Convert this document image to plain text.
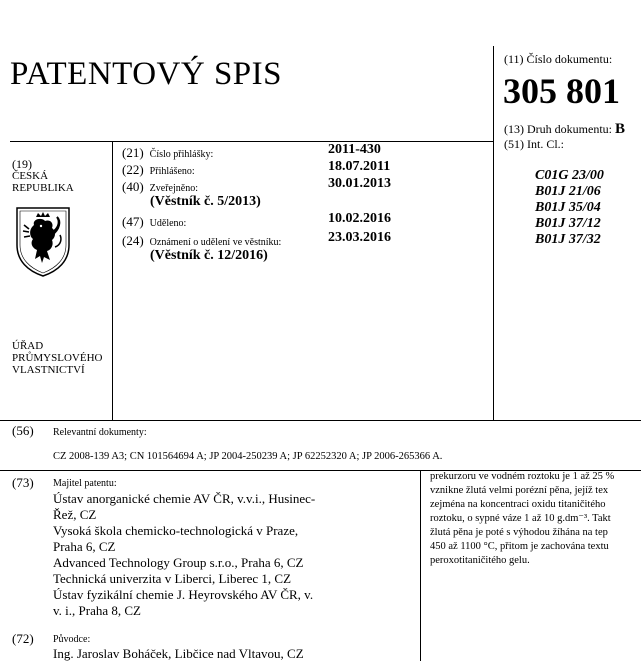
PATENTOVÝ SPIS	(11) Číslo dokumentu:
305 801
(13) Druh dokumentu: B
(19)
ČESKÁ
REPUBLIKA
ÚŘAD
PRŮMYSLOVÉHO
VLASTNICTVÍ
(21) Číslo přihlášky:	2011-430
(22) Přihlášeno:	18.07.2011
(40) Zveřejněno:	30.01.2013
(Věstník č. 5/2013)
(47) Uděleno:	10.02.2016
(24) Oznámení o udělení ve věstníku:	23.03.2016
(Věstník č. 12/2016)
(51) Int. Cl.:
C01G 23/00
B01J 21/06
B01J 35/04
B01J 37/12
B01J 37/32
(56) Relevantní dokumenty:
CZ 2008-139 A3; CN 101564694 A; JP 2004-250239 A; JP 62252320 A; JP 2006-265366 A.
(73) Majitel patentu:
Ústav anorganické chemie AV ČR, v.v.i., Husinec-
Řež, CZ
Vysoká škola chemicko-technologická v Praze,
Praha 6, CZ
Advanced Technology Group s.r.o., Praha 6, CZ
Technická univerzita v Liberci, Liberec 1, CZ
Ústav fyzikální chemie J. Heyrovského AV ČR, v.
v. i., Praha 8, CZ
(72) Původce:
Ing. Jaroslav Boháček, Libčice nad Vltavou, CZ
prekurzoru ve vodném roztoku je 1 až 25 %
vznikne žlutá velmi porézní pěna, jejíž tex
zejména na koncentraci oxidu titaničitého
roztoku, o sypné váze 1 až 10 g.dm⁻³. Takt
žlutá pěna je poté s výhodou žíhána na tep
450 až 1100 °C, přitom je zachována textu
peroxotitaničitého gelu.
